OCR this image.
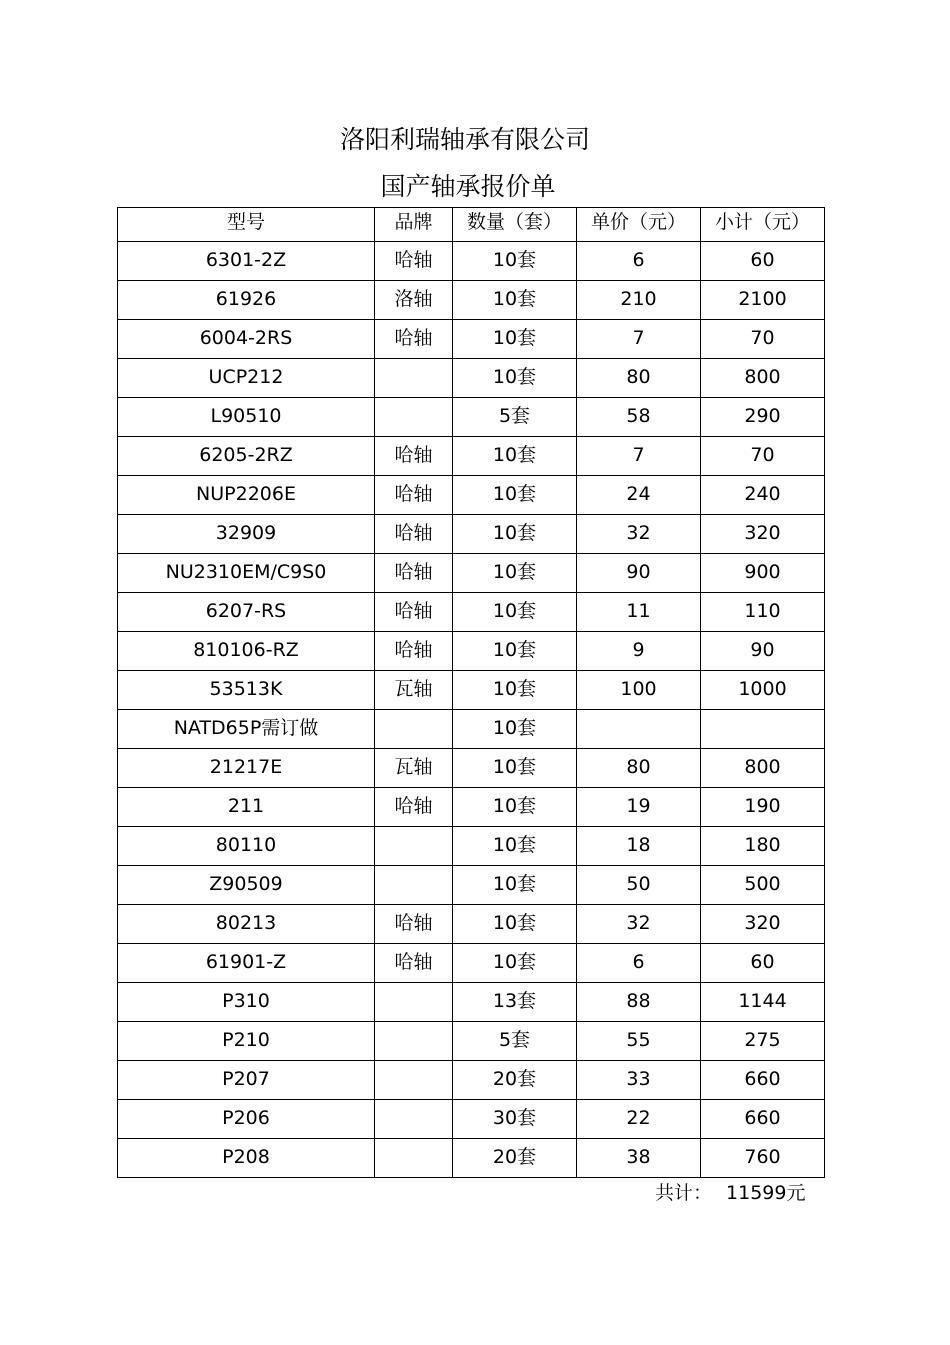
洛阳利瑞轴承有限公司
国产轴承报价单
型号	品牌	数量（套）	单价（元）	小计（元）
6301-2Z	哈轴	10套	6	60
61926	洛轴	10套	210	2100
6004-2RS	哈轴	10套	7	70
UCP212		10套	80	800
L90510		5套	58	290
6205-2RZ	哈轴	10套	7	70
NUP2206E	哈轴	10套	24	240
32909	哈轴	10套	32	320
NU2310EM/C9S0	哈轴	10套	90	900
6207-RS	哈轴	10套	11	110
810106-RZ	哈轴	10套	9	90
53513K	瓦轴	10套	100	1000
NATD65P需订做		10套		
21217E	瓦轴	10套	80	800
211	哈轴	10套	19	190
80110		10套	18	180
Z90509		10套	50	500
80213	哈轴	10套	32	320
61901-Z	哈轴	10套	6	60
P310		13套	88	1144
P210		5套	55	275
P207		20套	33	660
P206		30套	22	660
P208		20套	38	760
共计： 11599元
